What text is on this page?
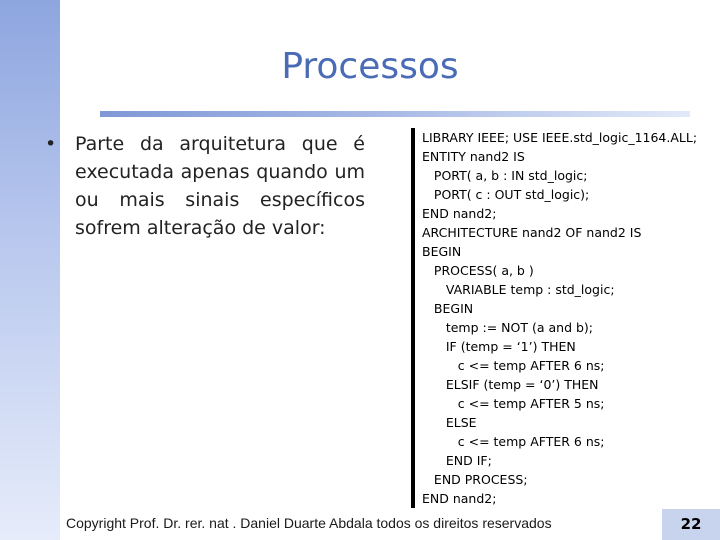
Processos
• Parte da arquitetura que é executada apenas quando um ou mais sinais específicos sofrem alteração de valor:
LIBRARY IEEE; USE IEEE.std_logic_1164.ALL;
ENTITY nand2 IS
PORT( a, b : IN std_logic;
PORT( c : OUT std_logic);
END nand2;
ARCHITECTURE nand2 OF nand2 IS
BEGIN
PROCESS( a, b )
VARIABLE temp : std_logic;
BEGIN
temp := NOT (a and b);
IF (temp = ‘1’) THEN
c <= temp AFTER 6 ns;
ELSIF (temp = ‘0’) THEN
c <= temp AFTER 5 ns;
ELSE
c <= temp AFTER 6 ns;
END IF;
END PROCESS;
END nand2;
Copyright Prof. Dr. rer. nat . Daniel Duarte Abdala todos os direitos reservados	22
